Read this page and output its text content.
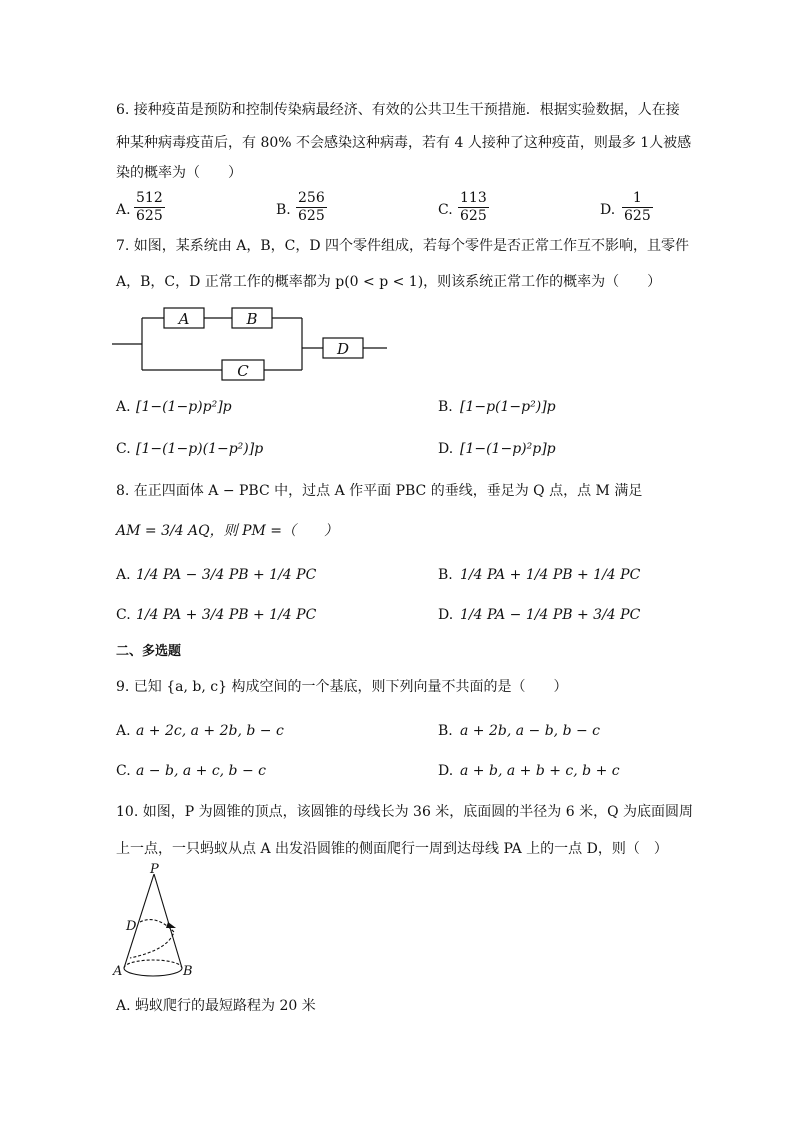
6. 接种疫苗是预防和控制传染病最经济、有效的公共卫生干预措施．根据实验数据，人在接
种某种病毒疫苗后，有 80% 不会感染这种病毒，若有 4 人接种了这种疫苗，则最多 1人被感
染的概率为（　　）
A. $\frac{512}{625}$	B. $\frac{256}{625}$	C. $\frac{113}{625}$	D. $\frac{1}{625}$
7. 如图，某系统由 A，B，C，D 四个零件组成，若每个零件是否正常工作互不影响，且零件
A，B，C，D 正常工作的概率都为 p(0 < p < 1)，则该系统正常工作的概率为（　　）
A	B
C
D
A. [1−(1−p)p²]p	B. [1−p(1−p²)]p
C. [1−(1−p)(1−p²)]p	D. [1−(1−p)²p]p
8. 在正四面体 A − PBC 中，过点 A 作平面 PBC 的垂线，垂足为 Q 点，点 M 满足
AM = 3/4 AQ，则 PM =（　　）
A. 1/4 PA − 3/4 PB + 1/4 PC	B. 1/4 PA + 1/4 PB + 1/4 PC
C. 1/4 PA + 3/4 PB + 1/4 PC	D. 1/4 PA − 1/4 PB + 3/4 PC
二、多选题
9. 已知 {a, b, c} 构成空间的一个基底，则下列向量不共面的是（　　）
A. a + 2c, a + 2b, b − c	B. a + 2b, a − b, b − c
C. a − b, a + c, b − c	D. a + b, a + b + c, b + c
10. 如图，P 为圆锥的顶点，该圆锥的母线长为 36 米，底面圆的半径为 6 米，Q 为底面圆周
上一点，一只蚂蚁从点 A 出发沿圆锥的侧面爬行一周到达母线 PA 上的一点 D，则（　）
P
D
A	B
A. 蚂蚁爬行的最短路程为 20 米
